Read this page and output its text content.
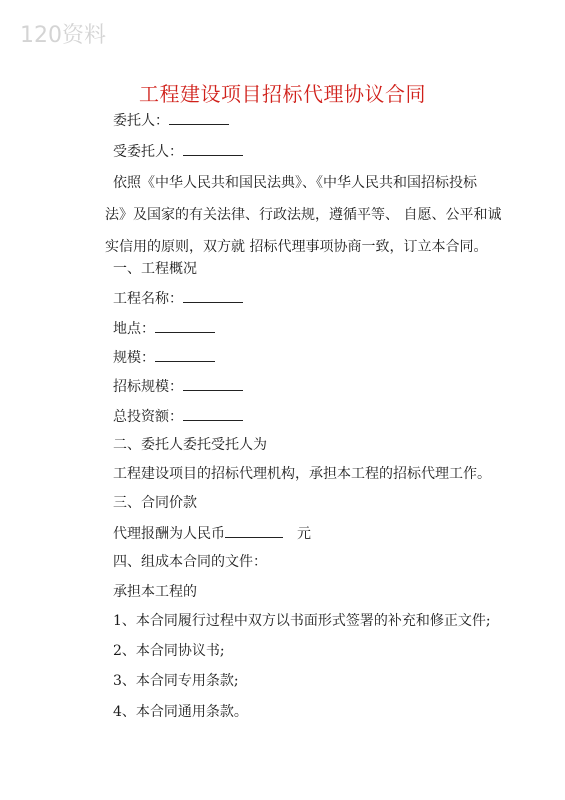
120资料
工程建设项目招标代理协议合同
委托人：
受委托人：
依照《中华人民共和国民法典》、《中华人民共和国招标投标
法》及国家的有关法律、行政法规，遵循平等、 自愿、公平和诚
实信用的原则，双方就 招标代理事项协商一致，订立本合同。
一、工程概况
工程名称：
地点：
规模：
招标规模：
总投资额：
二、委托人委托受托人为
工程建设项目的招标代理机构，承担本工程的招标代理工作。
三、合同价款
代理报酬为人民币	元
四、组成本合同的文件：
承担本工程的
1、本合同履行过程中双方以书面形式签署的补充和修正文件;
2、本合同协议书;
3、本合同专用条款;
4、本合同通用条款。
